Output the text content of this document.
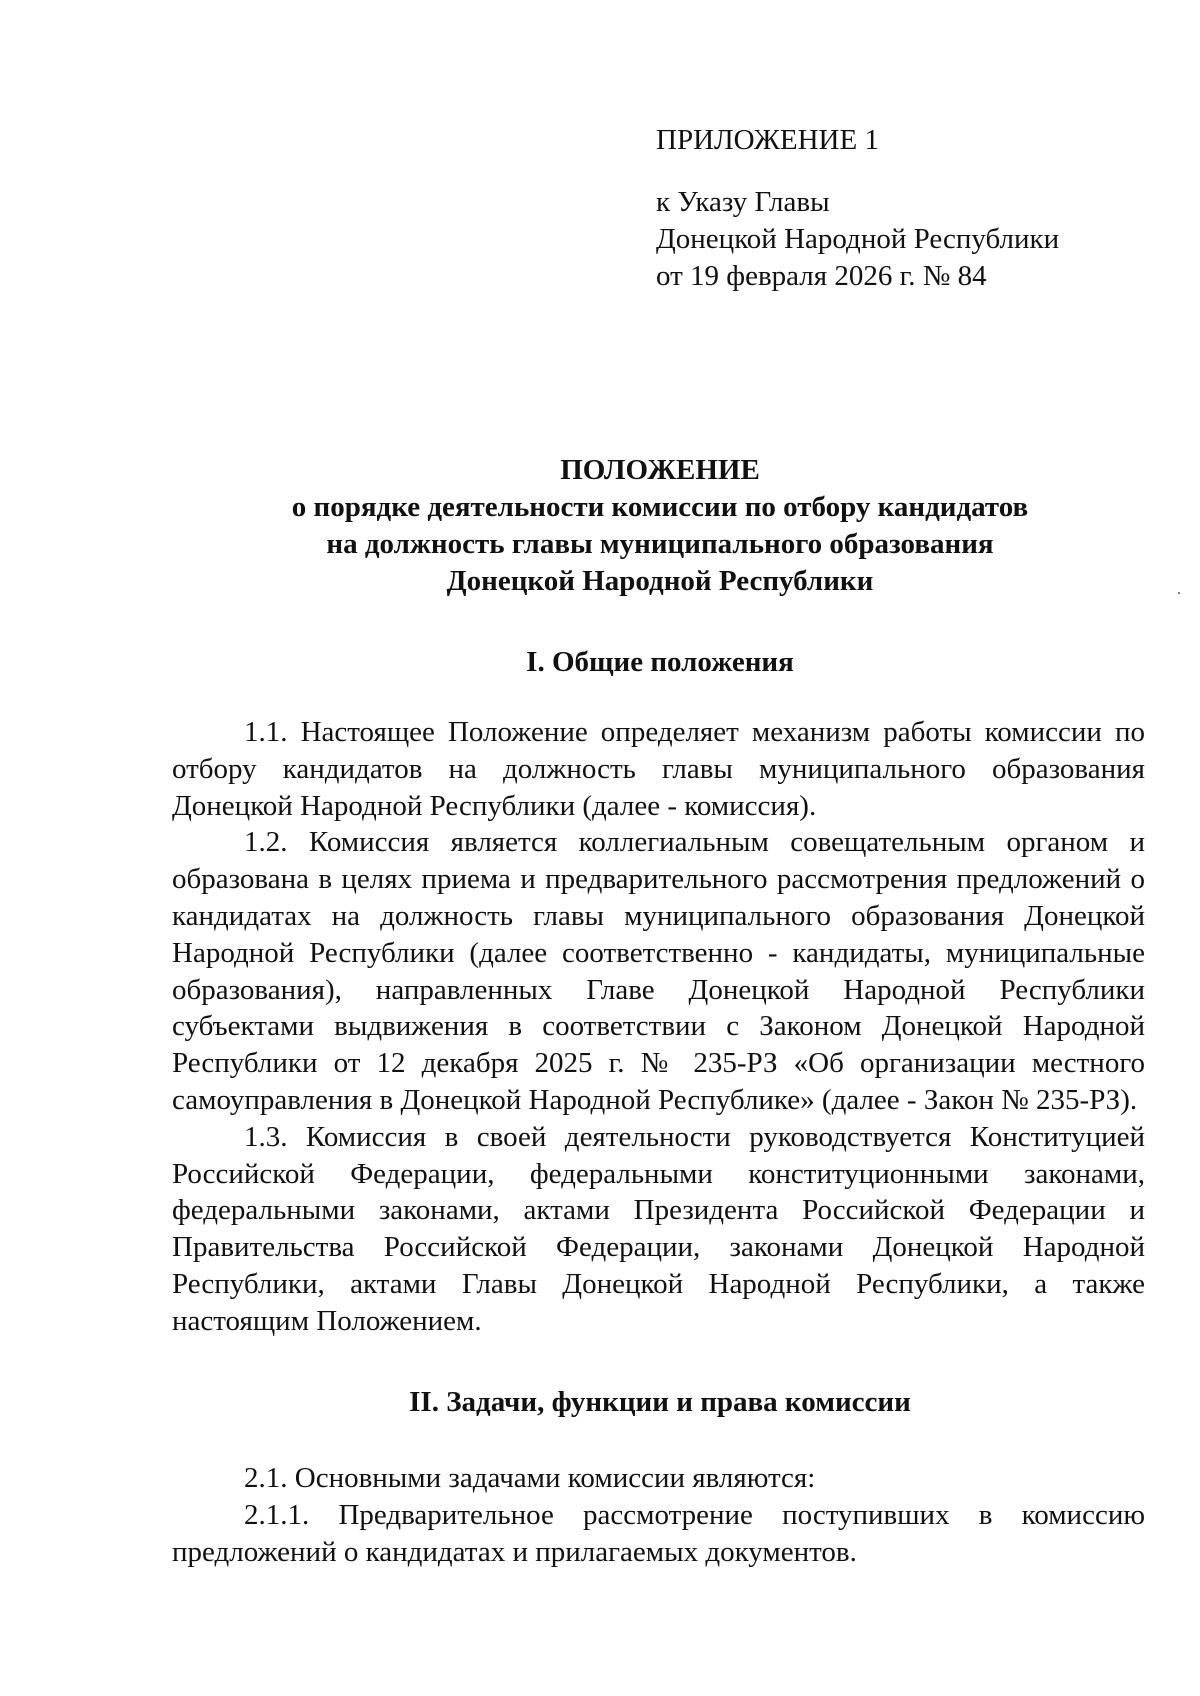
ПРИЛОЖЕНИЕ 1
к Указу Главы
Донецкой Народной Республики
от 19 февраля 2026 г. № 84
ПОЛОЖЕНИЕ
о порядке деятельности комиссии по отбору кандидатов
на должность главы муниципального образования
Донецкой Народной Республики
I. Общие положения

1.1. Настоящее Положение определяет механизм работы комиссии по отбору кандидатов на должность главы муниципального образования Донецкой Народной Республики (далее - комиссия).

1.2. Комиссия является коллегиальным совещательным органом и образована в целях приема и предварительного рассмотрения предложений о кандидатах на должность главы муниципального образования Донецкой Народной Республики (далее соответственно - кандидаты, муниципальные образования), направленных Главе Донецкой Народной Республики субъектами выдвижения в соответствии с Законом Донецкой Народной Республики от 12 декабря 2025 г. № 235-РЗ «Об организации местного самоуправления в Донецкой Народной Республике» (далее - Закон № 235-РЗ).

1.3. Комиссия в своей деятельности руководствуется Конституцией Российской Федерации, федеральными конституционными законами, федеральными законами, актами Президента Российской Федерации и Правительства Российской Федерации, законами Донецкой Народной Республики, актами Главы Донецкой Народной Республики, а также настоящим Положением.

II. Задачи, функции и права комиссии

2.1. Основными задачами комиссии являются:

2.1.1. Предварительное рассмотрение поступивших в комиссию предложений о кандидатах и прилагаемых документов.
